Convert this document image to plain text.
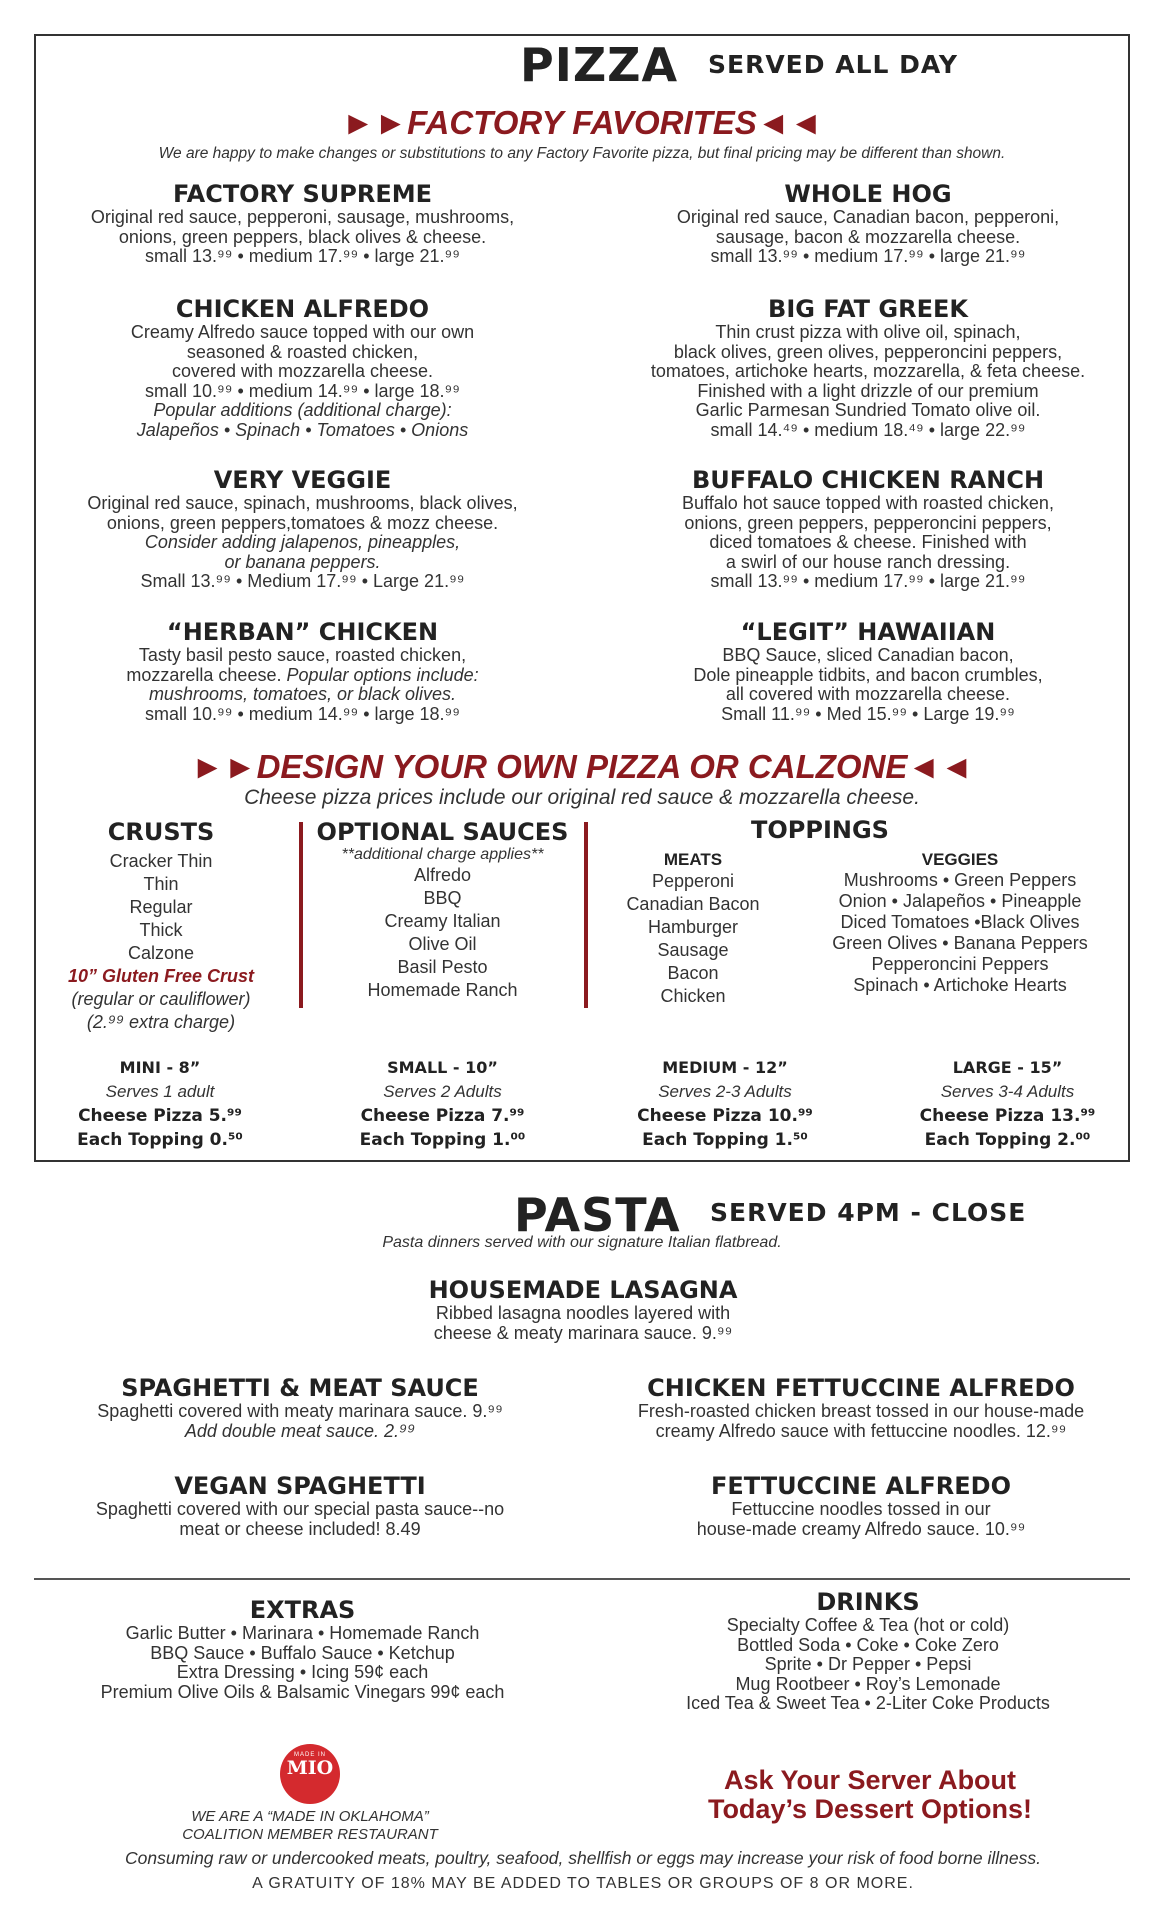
PIZZA SERVED ALL DAY
►►FACTORY FAVORITES◄◄
We are happy to make changes or substitutions to any Factory Favorite pizza, but final pricing may be different than shown.
FACTORY SUPREME
Original red sauce, pepperoni, sausage, mushrooms,
onions, green peppers, black olives & cheese.
small 13.⁹⁹ • medium 17.⁹⁹ • large 21.⁹⁹
WHOLE HOG
Original red sauce, Canadian bacon, pepperoni,
sausage, bacon & mozzarella cheese.
small 13.⁹⁹ • medium 17.⁹⁹ • large 21.⁹⁹
CHICKEN ALFREDO
Creamy Alfredo sauce topped with our own
seasoned & roasted chicken,
covered with mozzarella cheese.
small 10.⁹⁹ • medium 14.⁹⁹ • large 18.⁹⁹
Popular additions (additional charge):
Jalapeños • Spinach • Tomatoes • Onions
BIG FAT GREEK
Thin crust pizza with olive oil, spinach,
black olives, green olives, pepperoncini peppers,
tomatoes, artichoke hearts, mozzarella, & feta cheese.
Finished with a light drizzle of our premium
Garlic Parmesan Sundried Tomato olive oil.
small 14.⁴⁹ • medium 18.⁴⁹ • large 22.⁹⁹
VERY VEGGIE
Original red sauce, spinach, mushrooms, black olives,
onions, green peppers,tomatoes & mozz cheese.
Consider adding jalapenos, pineapples,
or banana peppers.
Small 13.⁹⁹ • Medium 17.⁹⁹ • Large 21.⁹⁹
BUFFALO CHICKEN RANCH
Buffalo hot sauce topped with roasted chicken,
onions, green peppers, pepperoncini peppers,
diced tomatoes & cheese. Finished with
a swirl of our house ranch dressing.
small 13.⁹⁹ • medium 17.⁹⁹ • large 21.⁹⁹
“HERBAN” CHICKEN
Tasty basil pesto sauce, roasted chicken,
mozzarella cheese. Popular options include:
mushrooms, tomatoes, or black olives.
small 10.⁹⁹ • medium 14.⁹⁹ • large 18.⁹⁹
“LEGIT” HAWAIIAN
BBQ Sauce, sliced Canadian bacon,
Dole pineapple tidbits, and bacon crumbles,
all covered with mozzarella cheese.
Small 11.⁹⁹ • Med 15.⁹⁹ • Large 19.⁹⁹
►►DESIGN YOUR OWN PIZZA OR CALZONE◄◄
Cheese pizza prices include our original red sauce & mozzarella cheese.
CRUSTS
Cracker Thin
Thin
Regular
Thick
Calzone
10” Gluten Free Crust
(regular or cauliflower)
(2.⁹⁹ extra charge)
OPTIONAL SAUCES
**additional charge applies**
Alfredo
BBQ
Creamy Italian
Olive Oil
Basil Pesto
Homemade Ranch
TOPPINGS
MEATS
Pepperoni
Canadian Bacon
Hamburger
Sausage
Bacon
Chicken
VEGGIES
Mushrooms • Green Peppers
Onion • Jalapeños • Pineapple
Diced Tomatoes •Black Olives
Green Olives • Banana Peppers
Pepperoncini Peppers
Spinach • Artichoke Hearts
MINI - 8”
Serves 1 adult
Cheese Pizza 5.⁹⁹
Each Topping 0.⁵⁰
SMALL - 10”
Serves 2 Adults
Cheese Pizza 7.⁹⁹
Each Topping 1.⁰⁰
MEDIUM - 12”
Serves 2-3 Adults
Cheese Pizza 10.⁹⁹
Each Topping 1.⁵⁰
LARGE - 15”
Serves 3-4 Adults
Cheese Pizza 13.⁹⁹
Each Topping 2.⁰⁰
PASTA SERVED 4PM - CLOSE
Pasta dinners served with our signature Italian flatbread.
HOUSEMADE LASAGNA
Ribbed lasagna noodles layered with
cheese & meaty marinara sauce. 9.⁹⁹
SPAGHETTI & MEAT SAUCE
Spaghetti covered with meaty marinara sauce. 9.⁹⁹
Add double meat sauce. 2.⁹⁹
CHICKEN FETTUCCINE ALFREDO
Fresh-roasted chicken breast tossed in our house-made
creamy Alfredo sauce with fettuccine noodles. 12.⁹⁹
VEGAN SPAGHETTI
Spaghetti covered with our special pasta sauce--no
meat or cheese included! 8.49
FETTUCCINE ALFREDO
Fettuccine noodles tossed in our
house-made creamy Alfredo sauce. 10.⁹⁹
EXTRAS
Garlic Butter • Marinara • Homemade Ranch
BBQ Sauce • Buffalo Sauce • Ketchup
Extra Dressing • Icing 59¢ each
Premium Olive Oils & Balsamic Vinegars 99¢ each
DRINKS
Specialty Coffee & Tea (hot or cold)
Bottled Soda • Coke • Coke Zero
Sprite • Dr Pepper • Pepsi
Mug Rootbeer • Roy’s Lemonade
Iced Tea & Sweet Tea • 2-Liter Coke Products
MADE IN
MIO
WE ARE A “MADE IN OKLAHOMA”
COALITION MEMBER RESTAURANT
Ask Your Server About
Today’s Dessert Options!
Consuming raw or undercooked meats, poultry, seafood, shellfish or eggs may increase your risk of food borne illness.
A GRATUITY OF 18% MAY BE ADDED TO TABLES OR GROUPS OF 8 OR MORE.
